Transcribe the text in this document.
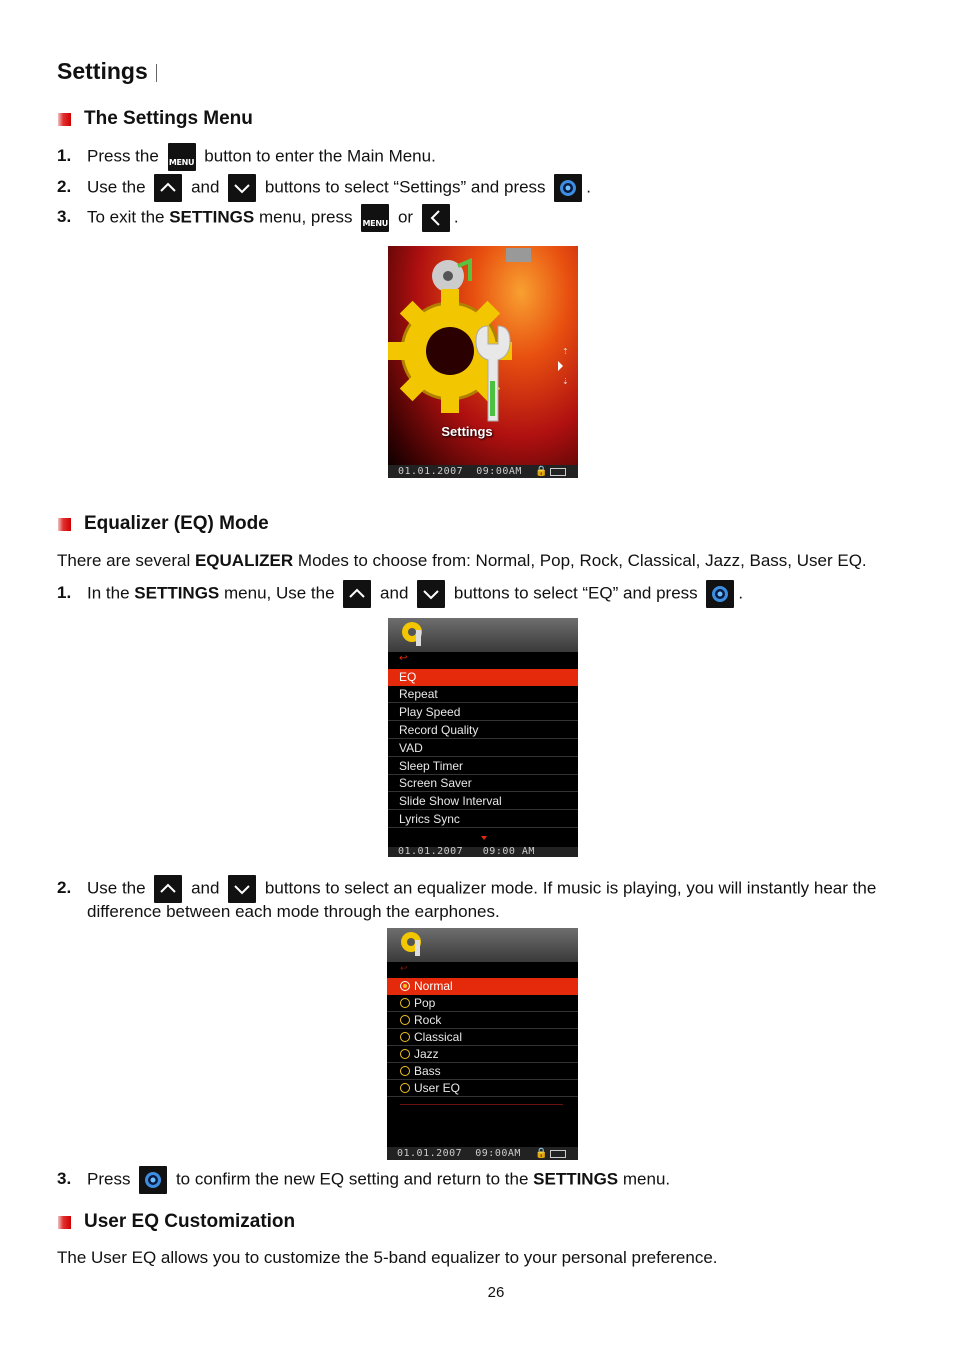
Settings
The Settings Menu
1. Press the MENU button to enter the Main Menu.
2. Use the	and	buttons to select “Settings” and press .
3. To exit the SETTINGS menu, press MENU or .
⇡
⇣
Settings
01.01.2007 09:00AM 🔒
Equalizer (EQ) Mode
There are several EQUALIZER Modes to choose from: Normal, Pop, Rock, Classical, Jazz, Bass, User EQ.
1. In the SETTINGS menu, Use the	and	buttons to select “EQ” and press .
↩
EQ
Repeat
Play Speed
Record Quality
VAD
Sleep Timer
Screen Saver
Slide Show Interval
Lyrics Sync
01.01.2007 09:00 AM
2. Use the	and	buttons to select an equalizer mode. If music is playing, you will instantly hear the
difference between each mode through the earphones.
↩
Normal
Pop
Rock
Classical
Jazz
Bass
User EQ
01.01.2007 09:00AM 🔒
3. Press	to confirm the new EQ setting and return to the SETTINGS menu.
User EQ Customization
The User EQ allows you to customize the 5-band equalizer to your personal preference.
26
